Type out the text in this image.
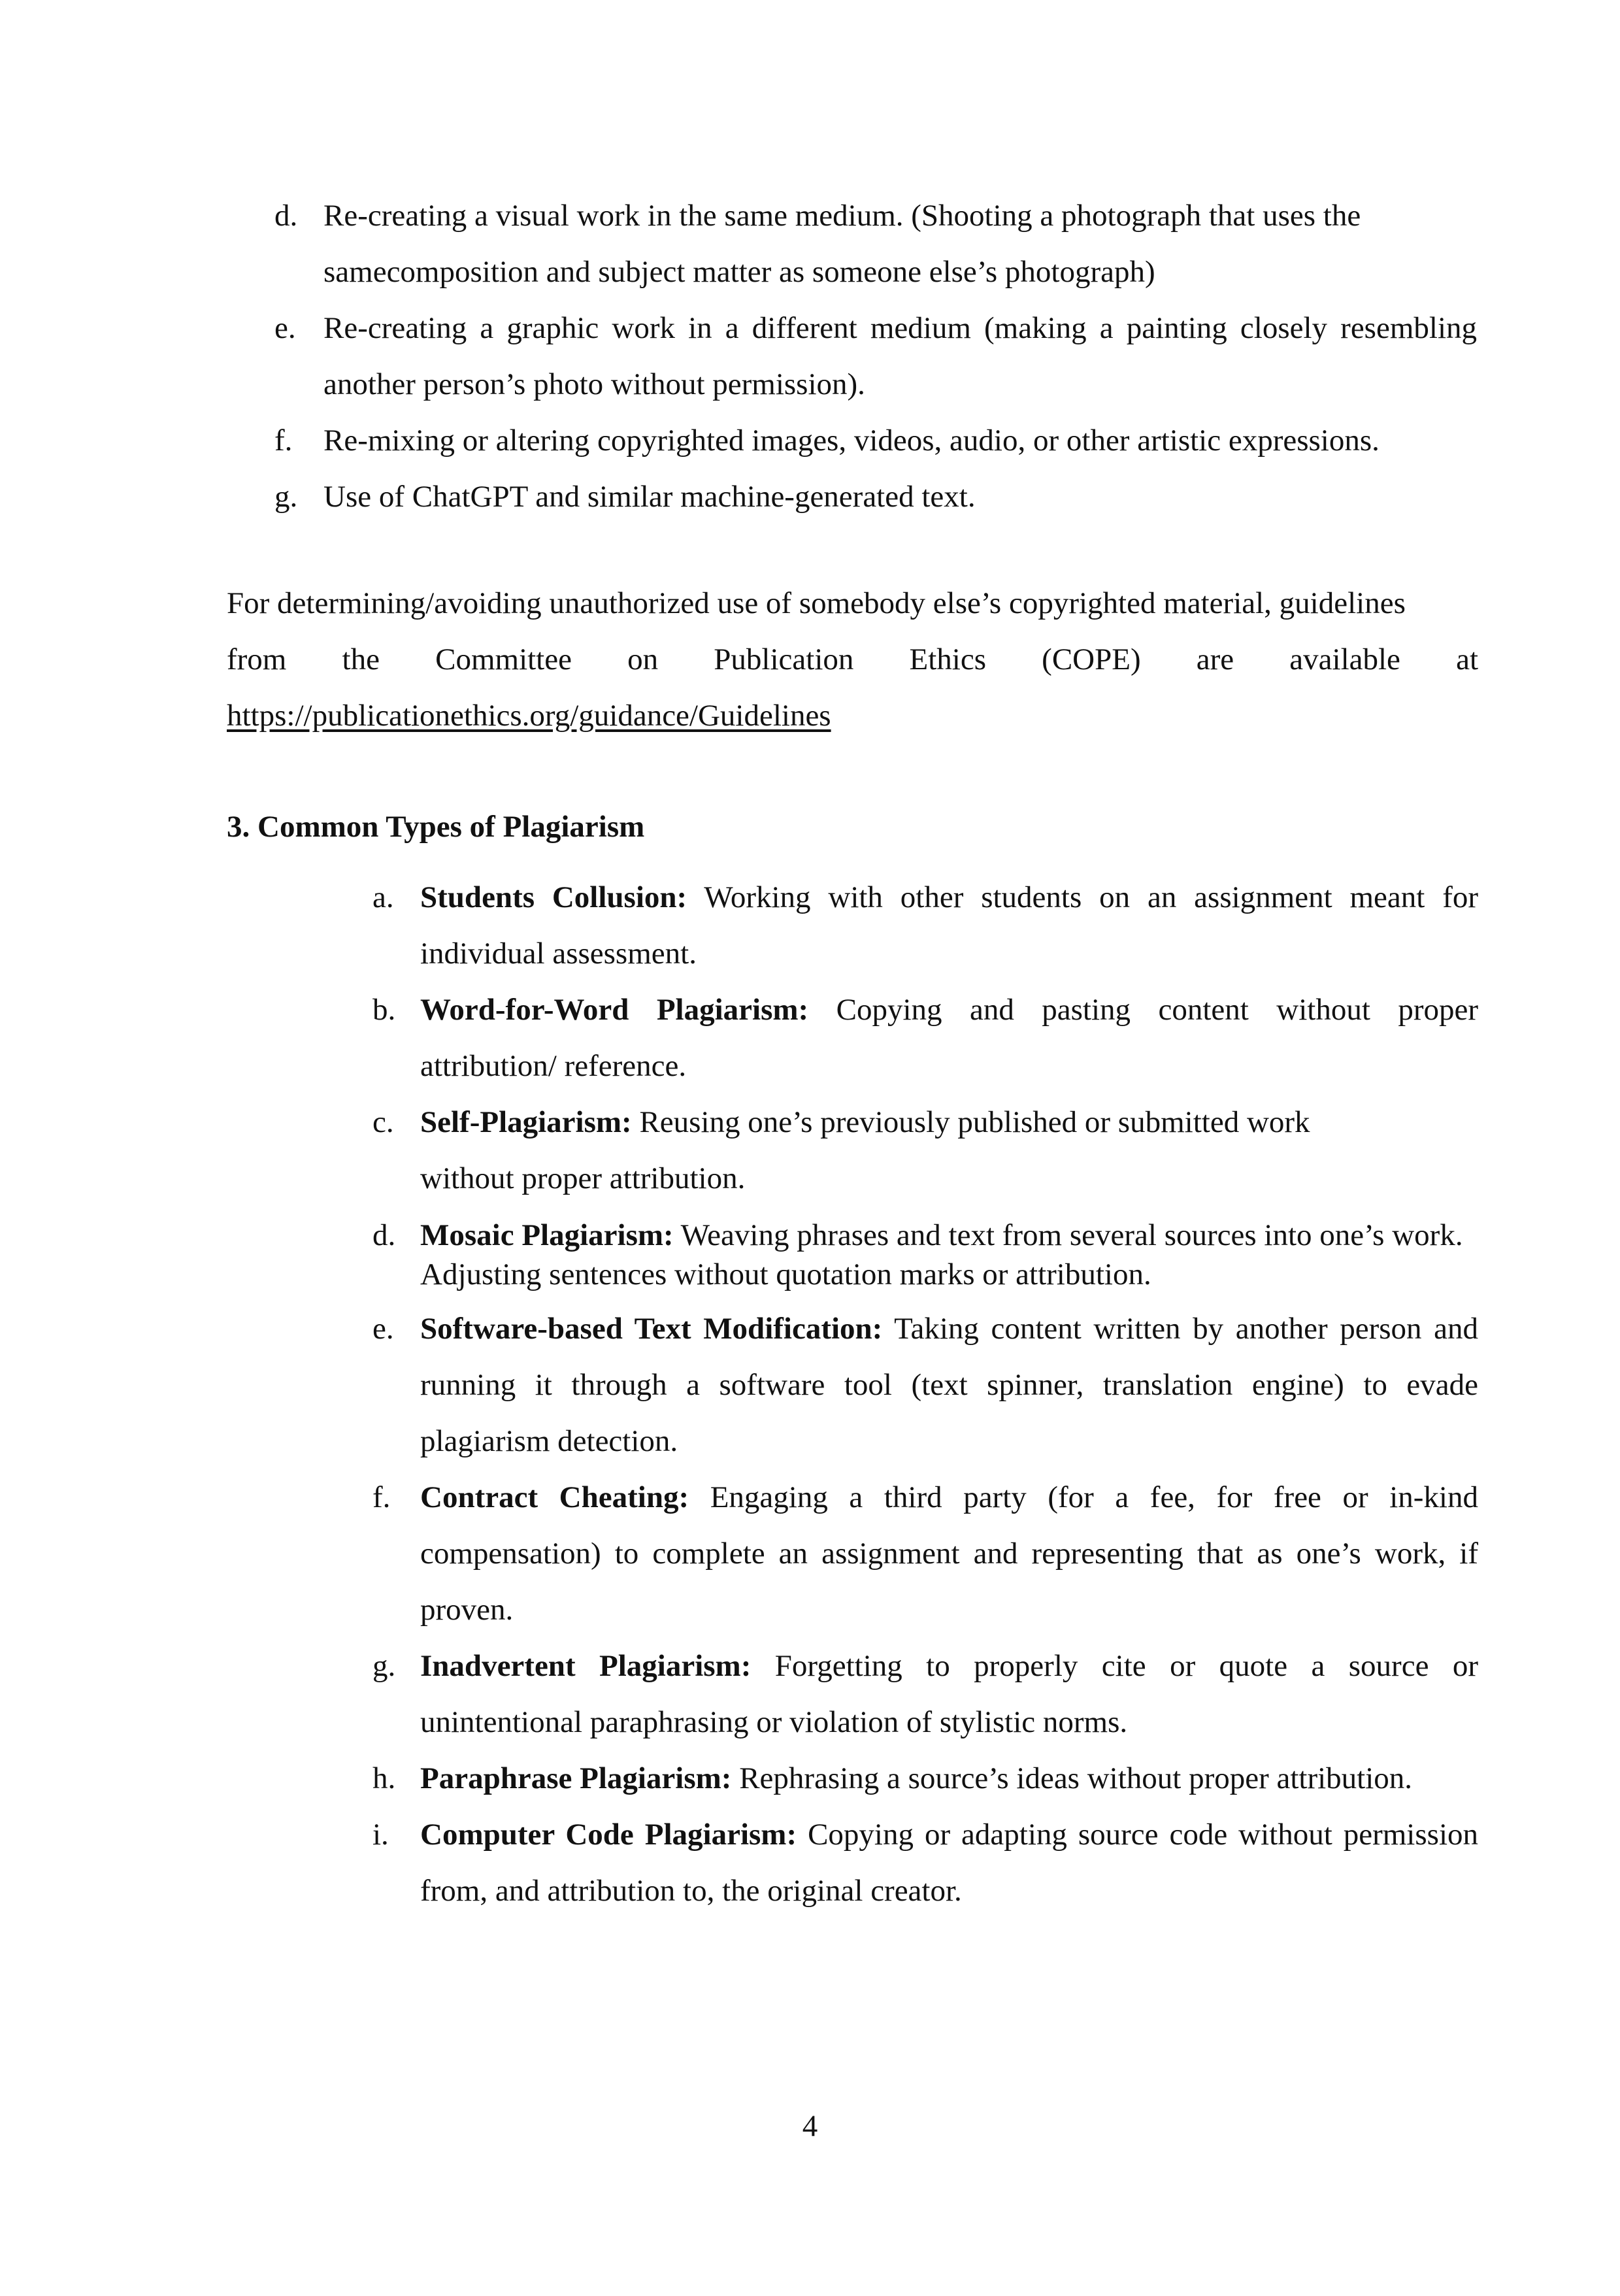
d. Re-creating a visual work in the same medium. (Shooting a photograph that uses the samecomposition and subject matter as someone else’s photograph)
e. Re-creating a graphic work in a different medium (making a painting closely resembling another person’s photo without permission).
f.	Re-mixing or altering copyrighted images, videos, audio, or other artistic expressions.
g. Use of ChatGPT and similar machine-generated text.
For determining/avoiding unauthorized use of somebody else’s copyrighted material, guidelines
from the Committee on Publication Ethics (COPE) are available at
https://publicationethics.org/guidance/Guidelines
3. Common Types of Plagiarism
a. Students Collusion: Working with other students on an assignment meant for individual assessment.
b. Word-for-Word Plagiarism: Copying and pasting content without proper attribution/ reference.
c. Self-Plagiarism: Reusing one’s previously published or submitted work without proper attribution.
d. Mosaic Plagiarism: Weaving phrases and text from several sources into one’s work. Adjusting sentences without quotation marks or attribution.
e. Software-based Text Modification: Taking content written by another person and running it through a software tool (text spinner, translation engine) to evade plagiarism detection.
f. Contract Cheating: Engaging a third party (for a fee, for free or in-kind compensation) to complete an assignment and representing that as one’s work, if proven.
g. Inadvertent Plagiarism: Forgetting to properly cite or quote a source or unintentional paraphrasing or violation of stylistic norms.
h. Paraphrase Plagiarism: Rephrasing a source’s ideas without proper attribution.
i.	Computer Code Plagiarism: Copying or adapting source code without permission from, and attribution to, the original creator.
4
